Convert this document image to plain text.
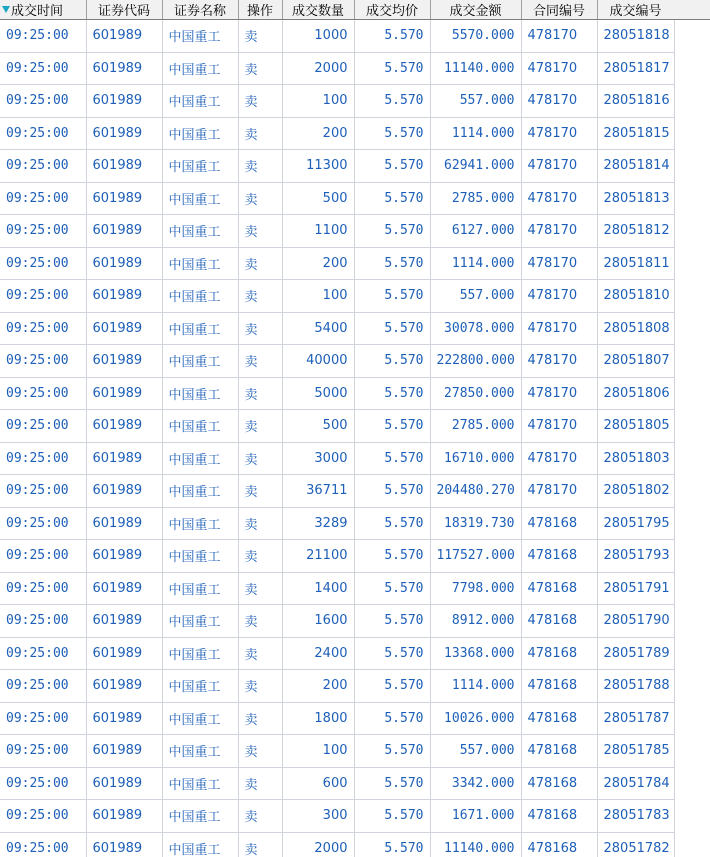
成交时间	证券代码	证券名称	操作	成交数量	成交均价	成交金额	合同编号	成交编号
09:25:00	601989	中国重工	卖	1000	5.570	5570.000	478170	28051818
09:25:00	601989	中国重工	卖	2000	5.570	11140.000	478170	28051817
09:25:00	601989	中国重工	卖	100	5.570	557.000	478170	28051816
09:25:00	601989	中国重工	卖	200	5.570	1114.000	478170	28051815
09:25:00	601989	中国重工	卖	11300	5.570	62941.000	478170	28051814
09:25:00	601989	中国重工	卖	500	5.570	2785.000	478170	28051813
09:25:00	601989	中国重工	卖	1100	5.570	6127.000	478170	28051812
09:25:00	601989	中国重工	卖	200	5.570	1114.000	478170	28051811
09:25:00	601989	中国重工	卖	100	5.570	557.000	478170	28051810
09:25:00	601989	中国重工	卖	5400	5.570	30078.000	478170	28051808
09:25:00	601989	中国重工	卖	40000	5.570	222800.000	478170	28051807
09:25:00	601989	中国重工	卖	5000	5.570	27850.000	478170	28051806
09:25:00	601989	中国重工	卖	500	5.570	2785.000	478170	28051805
09:25:00	601989	中国重工	卖	3000	5.570	16710.000	478170	28051803
09:25:00	601989	中国重工	卖	36711	5.570	204480.270	478170	28051802
09:25:00	601989	中国重工	卖	3289	5.570	18319.730	478168	28051795
09:25:00	601989	中国重工	卖	21100	5.570	117527.000	478168	28051793
09:25:00	601989	中国重工	卖	1400	5.570	7798.000	478168	28051791
09:25:00	601989	中国重工	卖	1600	5.570	8912.000	478168	28051790
09:25:00	601989	中国重工	卖	2400	5.570	13368.000	478168	28051789
09:25:00	601989	中国重工	卖	200	5.570	1114.000	478168	28051788
09:25:00	601989	中国重工	卖	1800	5.570	10026.000	478168	28051787
09:25:00	601989	中国重工	卖	100	5.570	557.000	478168	28051785
09:25:00	601989	中国重工	卖	600	5.570	3342.000	478168	28051784
09:25:00	601989	中国重工	卖	300	5.570	1671.000	478168	28051783
09:25:00	601989	中国重工	卖	2000	5.570	11140.000	478168	28051782
